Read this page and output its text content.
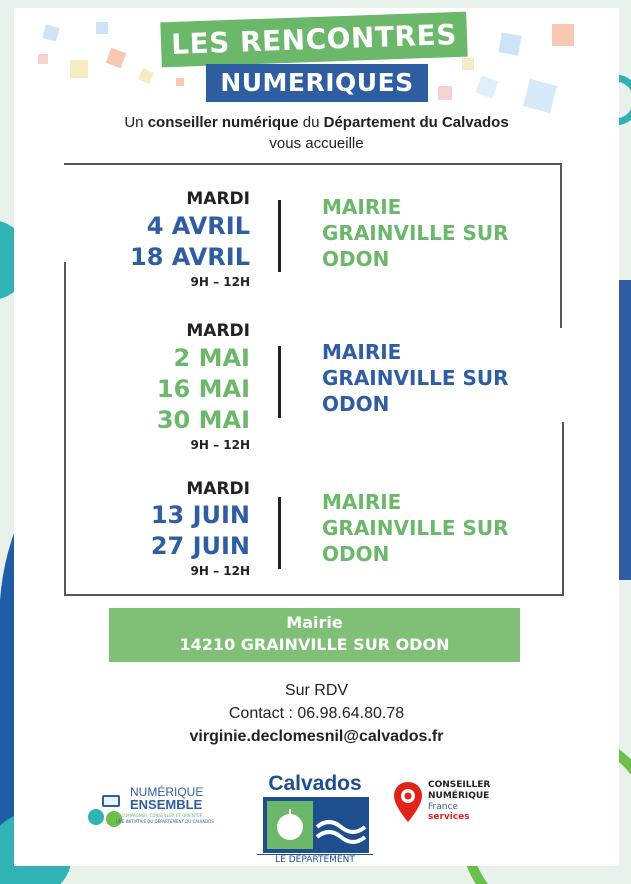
LES RENCONTRES
NUMERIQUES
Un conseiller numérique du Département du Calvados
vous accueille
MARDI
4 AVRIL
18 AVRIL
9H – 12H
MAIRIE
GRAINVILLE SUR
ODON
MARDI
2 MAI
16 MAI
30 MAI
9H – 12H
MAIRIE
GRAINVILLE SUR
ODON
MARDI
13 JUIN
27 JUIN
9H – 12H
MAIRIE
GRAINVILLE SUR
ODON
Mairie
14210 GRAINVILLE SUR ODON
Sur RDV
Contact : 06.98.64.80.78
virginie.declomesnil@calvados.fr
NUMÉRIQUE
ENSEMBLE
ACCOMPAGNER, CONSEILLER ET ORIENTER
UNE INITIATIVE DU DÉPARTEMENT DU CALVADOS
Calvados
LE DÉPARTEMENT
CONSEILLER
NUMÉRIQUE
France
services
